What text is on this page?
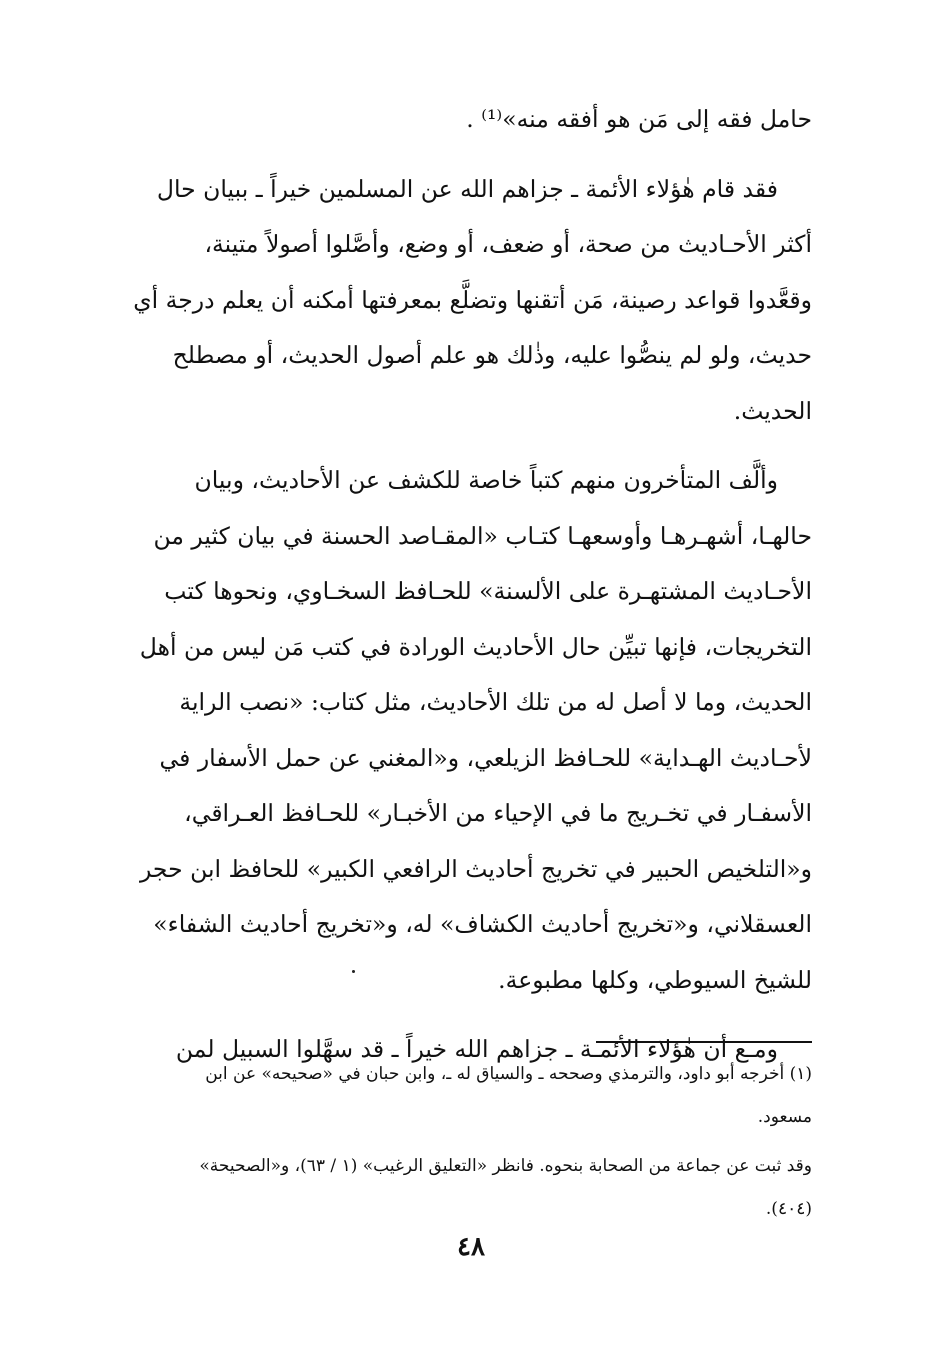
حامل فقه إلى مَن هو أفقه منه»⁽¹⁾ .
فقد قام هٰؤلاء الأئمة ـ جزاهم الله عن المسلمين خيراً ـ ببيان حال
أكثر الأحـاديث من صحة، أو ضعف، أو وضع، وأصَّلوا أصولاً متينة،
وقعَّدوا قواعد رصينة، مَن أتقنها وتضلَّع بمعرفتها أمكنه أن يعلم درجة أي
حديث، ولو لم ينصُّوا عليه، وذٰلك هو علم أصول الحديث، أو مصطلح
الحديث.
وألَّف المتأخرون منهم كتباً خاصة للكشف عن الأحاديث، وبيان
حالهـا، أشهـرهـا وأوسعهـا كتـاب «المقـاصد الحسنة في بيان كثير من
الأحـاديث المشتهـرة على الألسنة» للحـافظ السخـاوي، ونحوها كتب
التخريجات، فإنها تبيِّن حال الأحاديث الورادة في كتب مَن ليس من أهل
الحديث، وما لا أصل له من تلك الأحاديث، مثل كتاب: «نصب الراية
لأحـاديث الهـداية» للحـافظ الزيلعي، و«المغني عن حمل الأسفار في
الأسفـار في تخـريج ما في الإحياء من الأخبـار» للحـافظ العـراقي،
و«التلخيص الحبير في تخريج أحاديث الرافعي الكبير» للحافظ ابن حجر
العسقلاني، و«تخريج أحاديث الكشاف» له، و«تخريج أحاديث الشفاء»
للشيخ السيوطي، وكلها مطبوعة.
ومـع أن هٰؤلاء الأئمـة ـ جزاهم الله خيراً ـ قد سهَّلوا السبيل لمن
(١) أخرجه أبو داود، والترمذي وصححه ـ والسياق له ـ، وابن حبان في «صحيحه» عن ابن
مسعود.
وقد ثبت عن جماعة من الصحابة بنحوه. فانظر «التعليق الرغيب» (١ / ٦٣)، و«الصحيحة»
(٤٠٤).
٤٨
